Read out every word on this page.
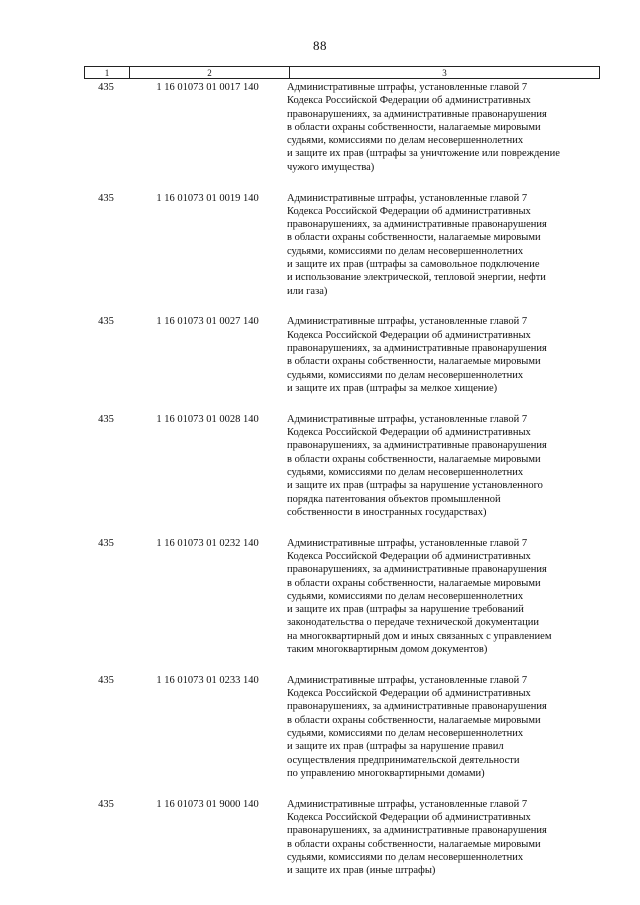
88
1	2	3
435	1 16 01073 01 0017 140	Административные штрафы, установленные главой 7
Кодекса Российской Федерации об административных
правонарушениях, за административные правонарушения
в области охраны собственности, налагаемые мировыми
судьями, комиссиями по делам несовершеннолетних
и защите их прав (штрафы за уничтожение или повреждение
чужого имущества)
435	1 16 01073 01 0019 140	Административные штрафы, установленные главой 7
Кодекса Российской Федерации об административных
правонарушениях, за административные правонарушения
в области охраны собственности, налагаемые мировыми
судьями, комиссиями по делам несовершеннолетних
и защите их прав (штрафы за самовольное подключение
и использование электрической, тепловой энергии, нефти
или газа)
435	1 16 01073 01 0027 140	Административные штрафы, установленные главой 7
Кодекса Российской Федерации об административных
правонарушениях, за административные правонарушения
в области охраны собственности, налагаемые мировыми
судьями, комиссиями по делам несовершеннолетних
и защите их прав (штрафы за мелкое хищение)
435	1 16 01073 01 0028 140	Административные штрафы, установленные главой 7
Кодекса Российской Федерации об административных
правонарушениях, за административные правонарушения
в области охраны собственности, налагаемые мировыми
судьями, комиссиями по делам несовершеннолетних
и защите их прав (штрафы за нарушение установленного
порядка патентования объектов промышленной
собственности в иностранных государствах)
435	1 16 01073 01 0232 140	Административные штрафы, установленные главой 7
Кодекса Российской Федерации об административных
правонарушениях, за административные правонарушения
в области охраны собственности, налагаемые мировыми
судьями, комиссиями по делам несовершеннолетних
и защите их прав (штрафы за нарушение требований
законодательства о передаче технической документации
на многоквартирный дом и иных связанных с управлением
таким многоквартирным домом документов)
435	1 16 01073 01 0233 140	Административные штрафы, установленные главой 7
Кодекса Российской Федерации об административных
правонарушениях, за административные правонарушения
в области охраны собственности, налагаемые мировыми
судьями, комиссиями по делам несовершеннолетних
и защите их прав (штрафы за нарушение правил
осуществления предпринимательской деятельности
по управлению многоквартирными домами)
435	1 16 01073 01 9000 140	Административные штрафы, установленные главой 7
Кодекса Российской Федерации об административных
правонарушениях, за административные правонарушения
в области охраны собственности, налагаемые мировыми
судьями, комиссиями по делам несовершеннолетних
и защите их прав (иные штрафы)
